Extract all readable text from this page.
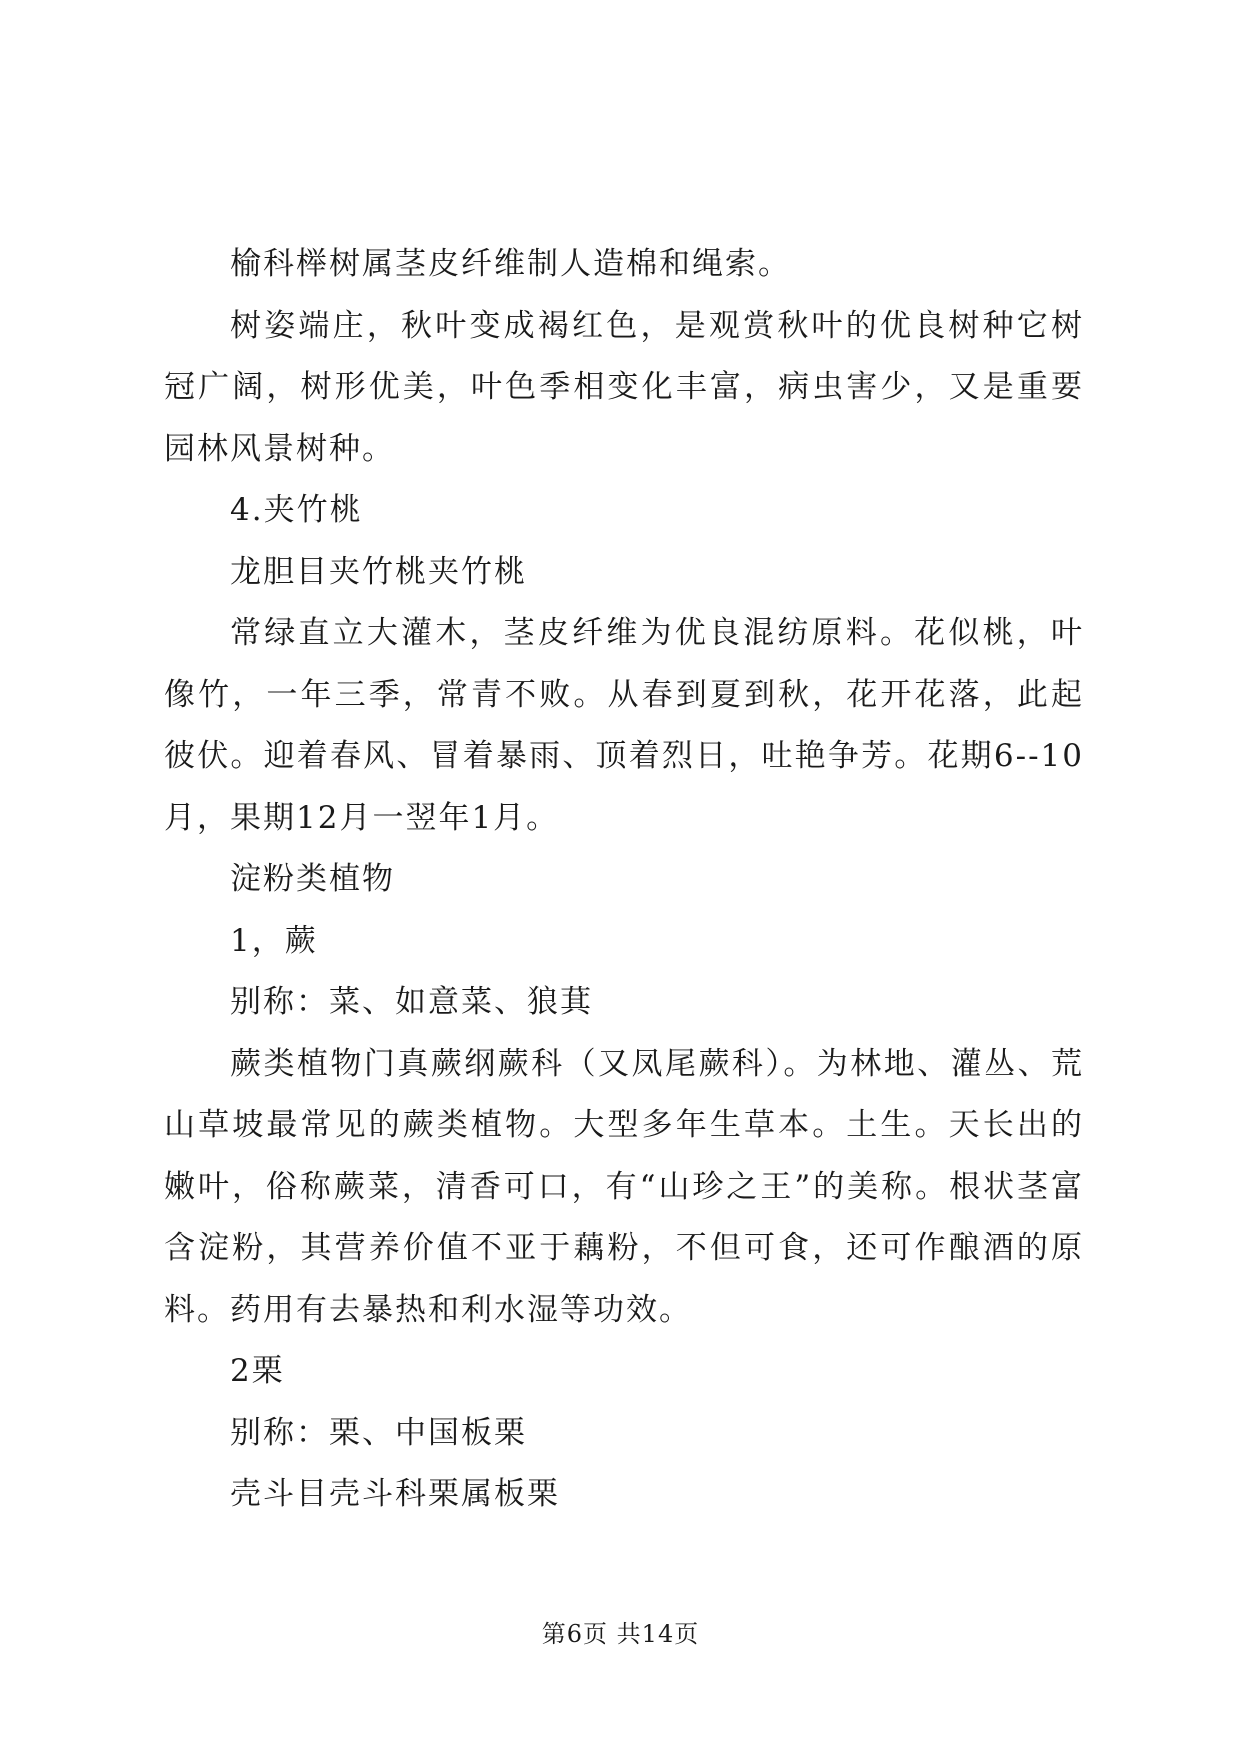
榆科榉树属茎皮纤维制人造棉和绳索。

树姿端庄，秋叶变成褐红色，是观赏秋叶的优良树种它树冠广阔，树形优美，叶色季相变化丰富，病虫害少，又是重要园林风景树种。

4.夹竹桃

龙胆目夹竹桃夹竹桃

常绿直立大灌木，茎皮纤维为优良混纺原料。花似桃，叶像竹，一年三季，常青不败。从春到夏到秋，花开花落，此起彼伏。迎着春风、冒着暴雨、顶着烈日，吐艳争芳。花期6--10月，果期12月一翌年1月。

淀粉类植物

1，蕨

别称：菜、如意菜、狼萁

蕨类植物门真蕨纲蕨科（又凤尾蕨科）。为林地、灌丛、荒山草坡最常见的蕨类植物。大型多年生草本。土生。天长出的嫩叶，俗称蕨菜，清香可口，有“山珍之王”的美称。根状茎富含淀粉，其营养价值不亚于藕粉，不但可食，还可作酿酒的原料。药用有去暴热和利水湿等功效。

2栗

别称：栗、中国板栗

壳斗目壳斗科栗属板栗

第6页 共14页
